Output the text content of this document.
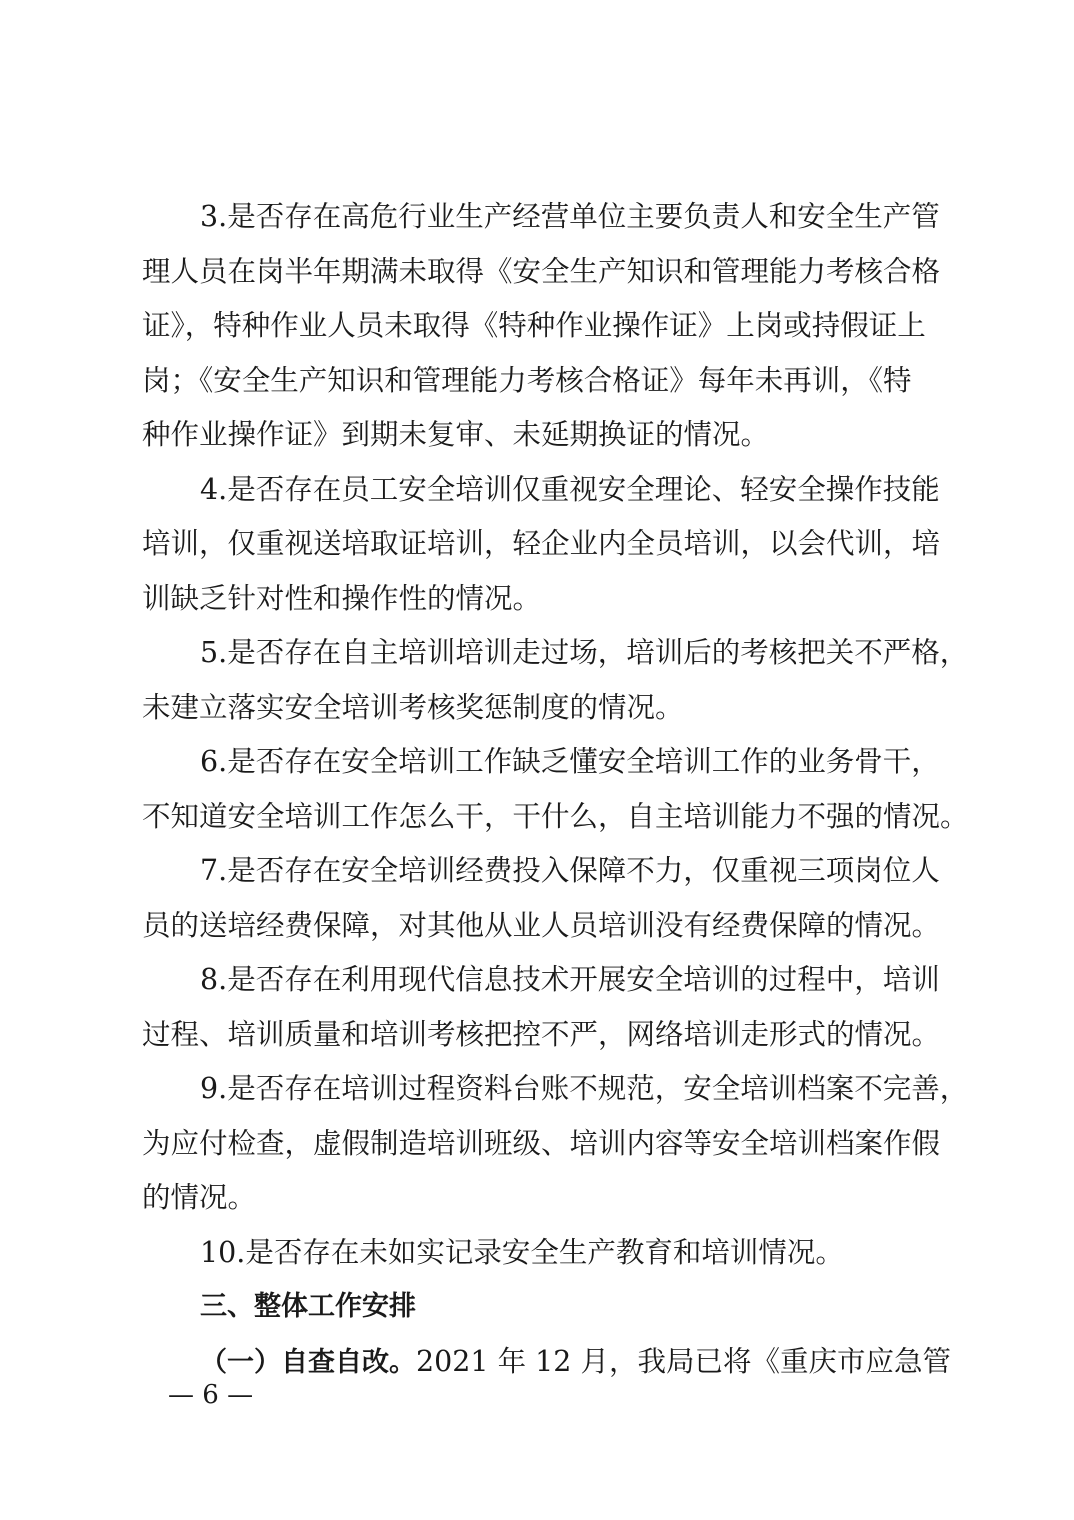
3.是否存在高危行业生产经营单位主要负责人和安全生产管
理人员在岗半年期满未取得《安全生产知识和管理能力考核合格
证》，特种作业人员未取得《特种作业操作证》上岗或持假证上
岗；《安全生产知识和管理能力考核合格证》每年未再训，《特
种作业操作证》到期未复审、未延期换证的情况。

4.是否存在员工安全培训仅重视安全理论、轻安全操作技能
培训，仅重视送培取证培训，轻企业内全员培训，以会代训，培
训缺乏针对性和操作性的情况。

5.是否存在自主培训培训走过场，培训后的考核把关不严格，
未建立落实安全培训考核奖惩制度的情况。

6.是否存在安全培训工作缺乏懂安全培训工作的业务骨干，
不知道安全培训工作怎么干，干什么，自主培训能力不强的情况。

7.是否存在安全培训经费投入保障不力，仅重视三项岗位人
员的送培经费保障，对其他从业人员培训没有经费保障的情况。

8.是否存在利用现代信息技术开展安全培训的过程中，培训
过程、培训质量和培训考核把控不严，网络培训走形式的情况。

9.是否存在培训过程资料台账不规范，安全培训档案不完善，
为应付检查，虚假制造培训班级、培训内容等安全培训档案作假
的情况。

10.是否存在未如实记录安全生产教育和培训情况。

三、整体工作安排

（一）自查自改。2021 年 12 月，我局已将《重庆市应急管

— 6 —
